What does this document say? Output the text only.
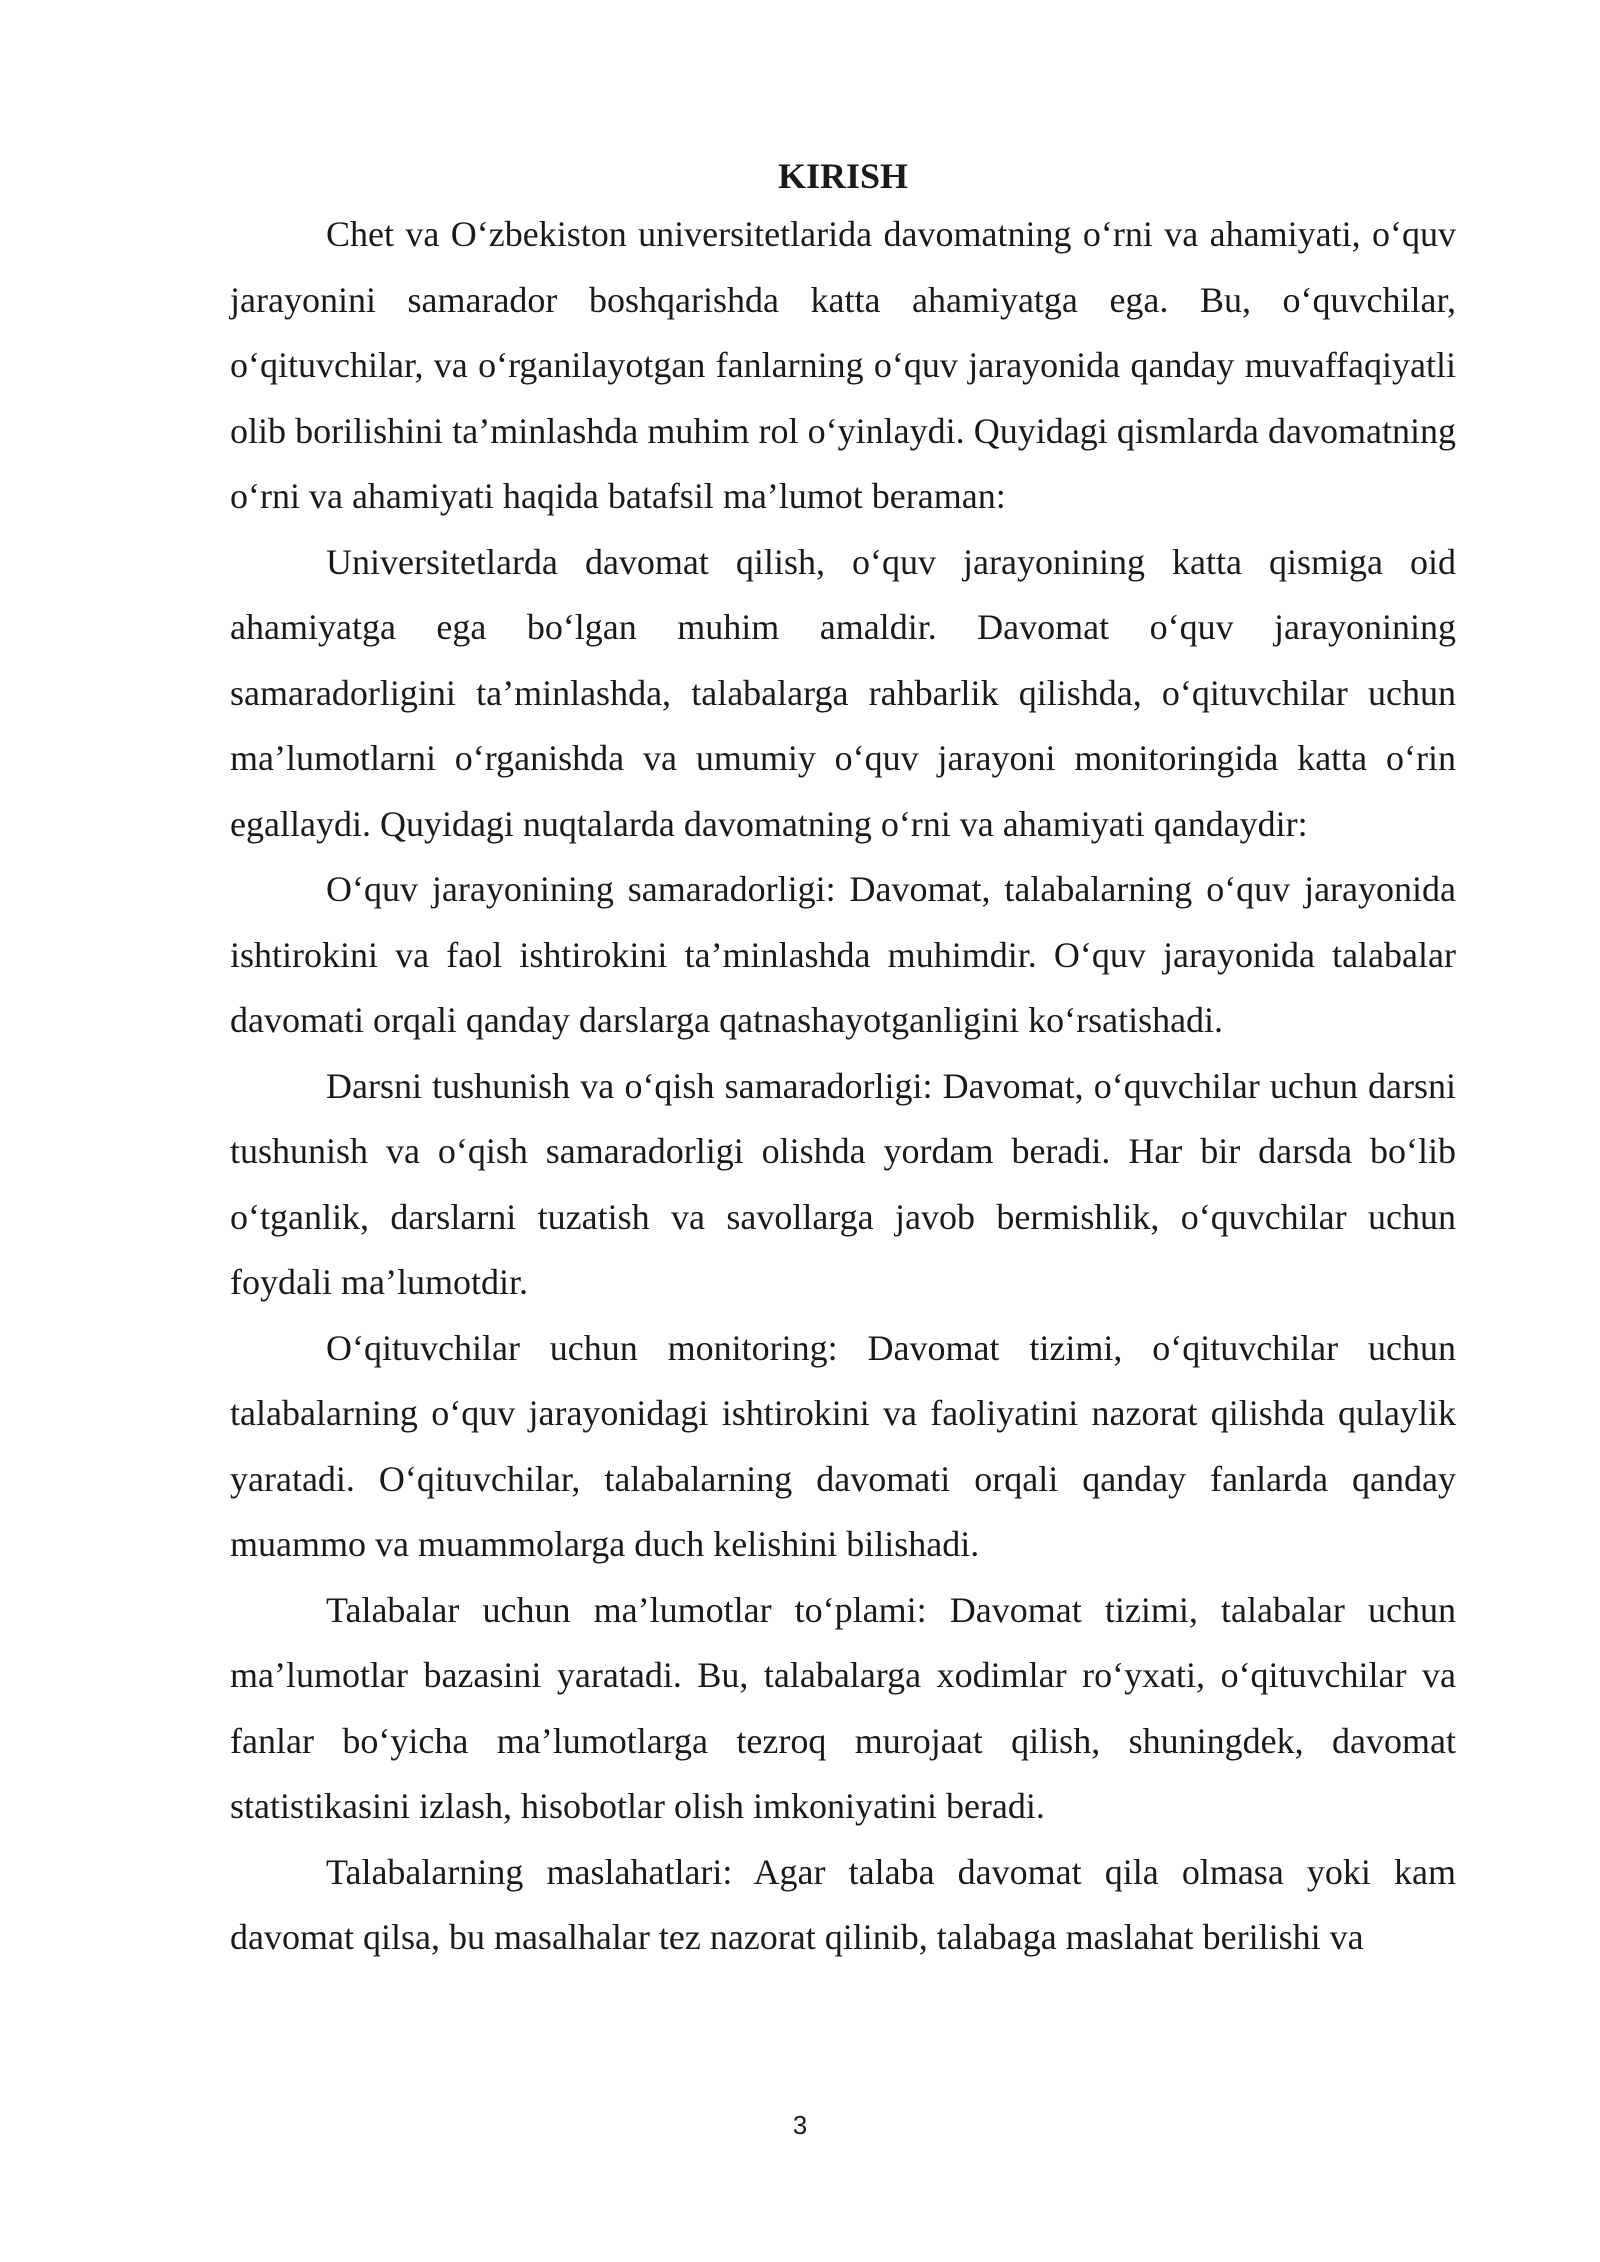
KIRISH

Chet va O‘zbekiston universitetlarida davomatning o‘rni va ahamiyati, o‘quv jarayonini samarador boshqarishda katta ahamiyatga ega. Bu, o‘quvchilar, o‘qituvchilar, va o‘rganilayotgan fanlarning o‘quv jarayonida qanday muvaffaqiyatli olib borilishini ta’minlashda muhim rol o‘yinlaydi. Quyidagi qismlarda davomatning o‘rni va ahamiyati haqida batafsil ma’lumot beraman:

Universitetlarda davomat qilish, o‘quv jarayonining katta qismiga oid ahamiyatga ega bo‘lgan muhim amaldir. Davomat o‘quv jarayonining samaradorligini ta’minlashda, talabalarga rahbarlik qilishda, o‘qituvchilar uchun ma’lumotlarni o‘rganishda va umumiy o‘quv jarayoni monitoringida katta o‘rin egallaydi. Quyidagi nuqtalarda davomatning o‘rni va ahamiyati qandaydir:

O‘quv jarayonining samaradorligi: Davomat, talabalarning o‘quv jarayonida ishtirokini va faol ishtirokini ta’minlashda muhimdir. O‘quv jarayonida talabalar davomati orqali qanday darslarga qatnashayotganligini ko‘rsatishadi.

Darsni tushunish va o‘qish samaradorligi: Davomat, o‘quvchilar uchun darsni tushunish va o‘qish samaradorligi olishda yordam beradi. Har bir darsda bo‘lib o‘tganlik, darslarni tuzatish va savollarga javob bermishlik, o‘quvchilar uchun foydali ma’lumotdir.

O‘qituvchilar uchun monitoring: Davomat tizimi, o‘qituvchilar uchun talabalarning o‘quv jarayonidagi ishtirokini va faoliyatini nazorat qilishda qulaylik yaratadi. O‘qituvchilar, talabalarning davomati orqali qanday fanlarda qanday muammo va muammolarga duch kelishini bilishadi.

Talabalar uchun ma’lumotlar to‘plami: Davomat tizimi, talabalar uchun ma’lumotlar bazasini yaratadi. Bu, talabalarga xodimlar ro‘yxati, o‘qituvchilar va fanlar bo‘yicha ma’lumotlarga tezroq murojaat qilish, shuningdek, davomat statistikasini izlash, hisobotlar olish imkoniyatini beradi.

Talabalarning maslahatlari: Agar talaba davomat qila olmasa yoki kam davomat qilsa, bu masalhalar tez nazorat qilinib, talabaga maslahat berilishi va

3
